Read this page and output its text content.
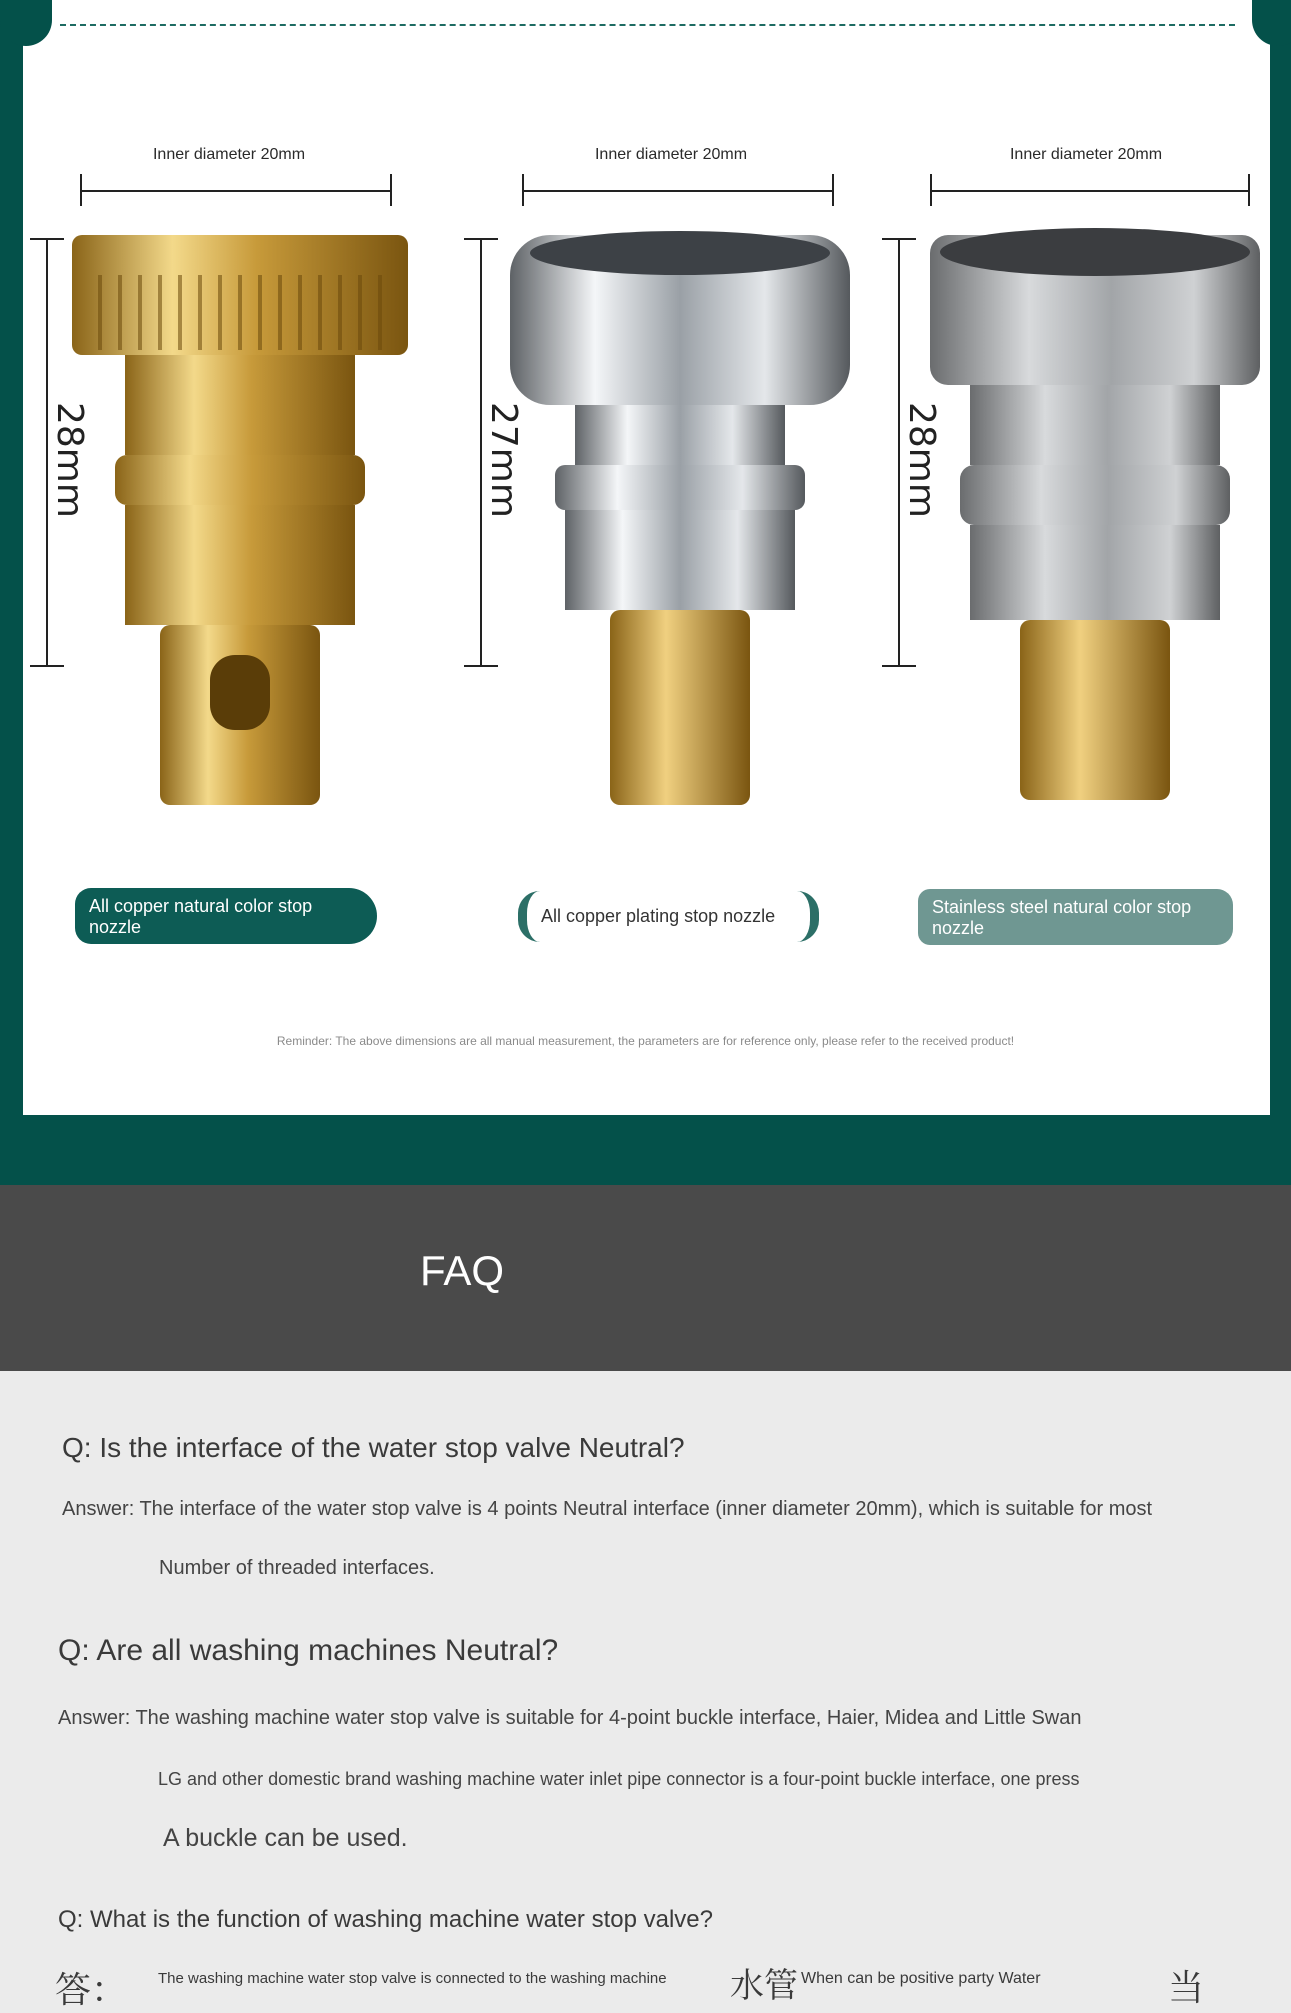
Inner diameter 20mm
28mm
Inner diameter 20mm
27mm
Inner diameter 20mm
28mm
All copper natural color stop nozzle
All copper plating stop nozzle	Stainless steel natural color stop nozzle
Reminder: The above dimensions are all manual measurement, the parameters are for reference only, please refer to the received product!
FAQ
Q: Is the interface of the water stop valve Neutral?
Answer: The interface of the water stop valve is 4 points Neutral interface (inner diameter 20mm), which is suitable for most
Number of threaded interfaces.
Q: Are all washing machines Neutral?
Answer: The washing machine water stop valve is suitable for 4-point buckle interface, Haier, Midea and Little Swan
LG and other domestic brand washing machine water inlet pipe connector is a four-point buckle interface, one press
A buckle can be used.
Q: What is the function of washing machine water stop valve?
答： The washing machine water stop valve is connected to the washing machine 水管 When can be positive party Water	当
